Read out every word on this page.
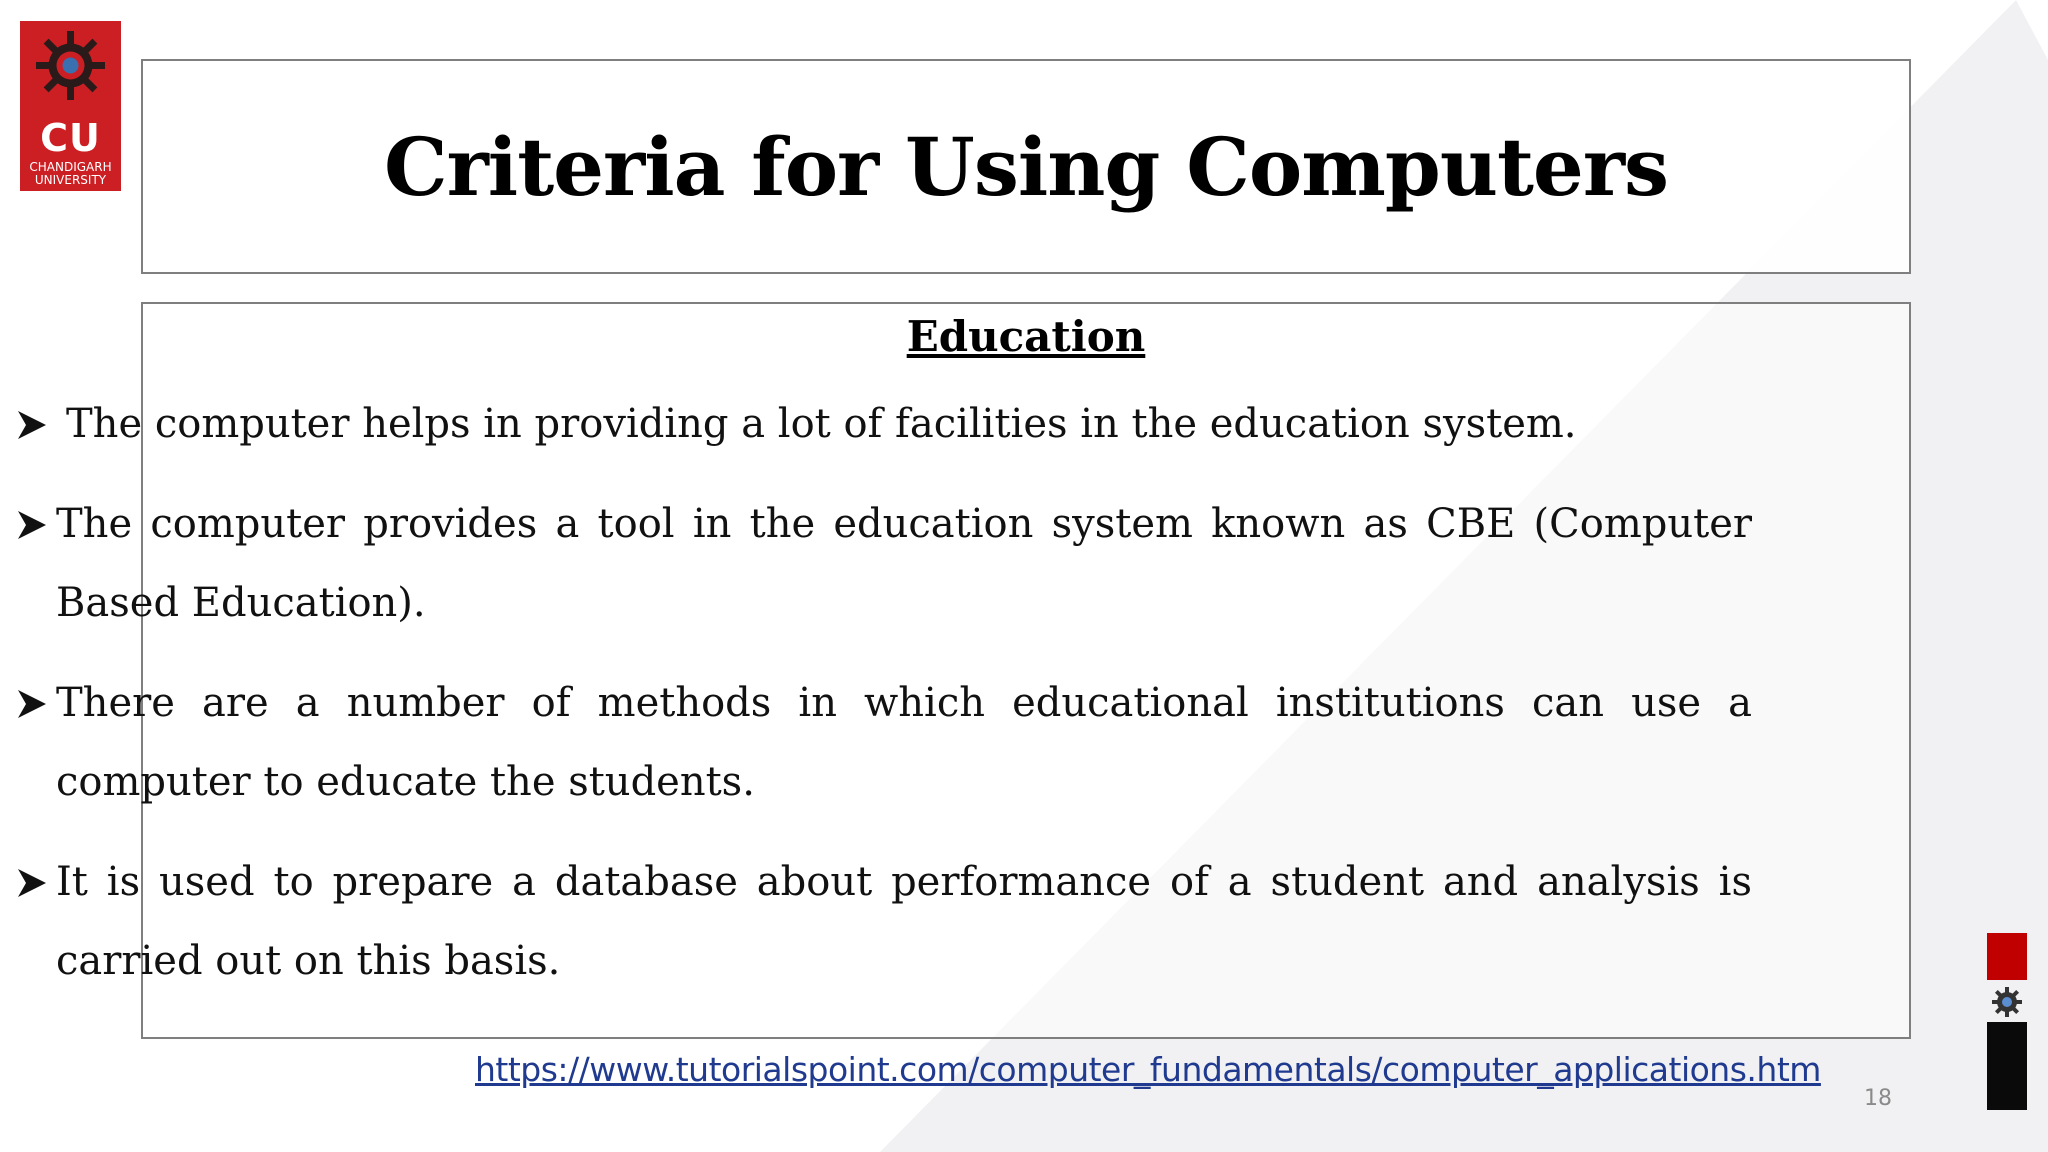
CU
CHANDIGARH
UNIVERSITY	Criteria for Using Computers
Education
The computer helps in providing a lot of facilities in the education system.
The computer provides a tool in the education system known as CBE (Computer Based Education).
There are a number of methods in which educational institutions can use a computer to educate the students.
It is used to prepare a database about performance of a student and analysis is carried out on this basis.
https://www.tutorialspoint.com/computer_fundamentals/computer_applications.htm
18
